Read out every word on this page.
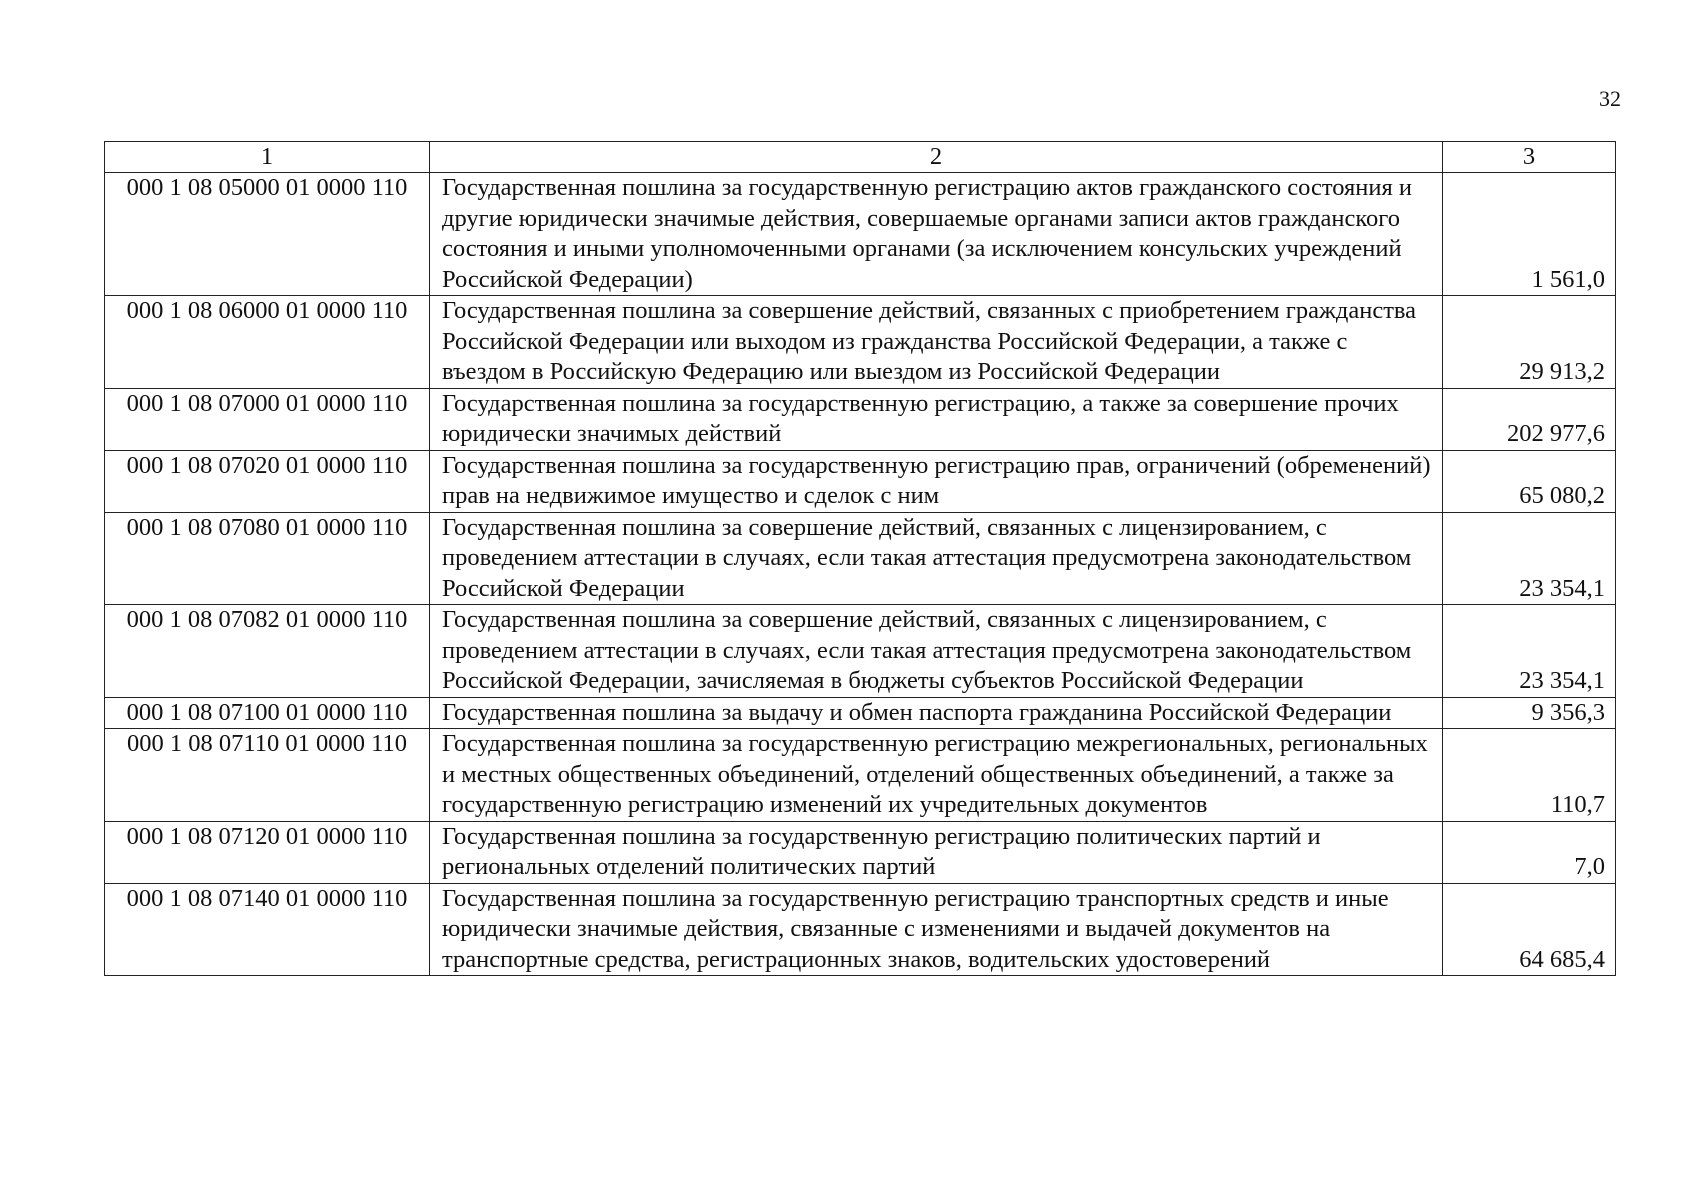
32
1	2	3
000 1 08 05000 01 0000 110	Государственная пошлина за государственную регистрацию актов гражданского состояния и другие юридически значимые действия, совершаемые органами записи актов гражданского состояния и иными уполномоченными органами (за исключением консульских учреждений Российской Федерации)	1 561,0
000 1 08 06000 01 0000 110	Государственная пошлина за совершение действий, связанных с приобретением гражданства Российской Федерации или выходом из гражданства Российской Федерации, а также с въездом в Российскую Федерацию или выездом из Российской Федерации	29 913,2
000 1 08 07000 01 0000 110	Государственная пошлина за государственную регистрацию, а также за совершение прочих юридически значимых действий	202 977,6
000 1 08 07020 01 0000 110	Государственная пошлина за государственную регистрацию прав, ограничений (обременений) прав на недвижимое имущество и сделок с ним	65 080,2
000 1 08 07080 01 0000 110	Государственная пошлина за совершение действий, связанных с лицензированием, с проведением аттестации в случаях, если такая аттестация предусмотрена законодательством Российской Федерации	23 354,1
000 1 08 07082 01 0000 110	Государственная пошлина за совершение действий, связанных с лицензированием, с проведением аттестации в случаях, если такая аттестация предусмотрена законодательством Российской Федерации, зачисляемая в бюджеты субъектов Российской Федерации	23 354,1
000 1 08 07100 01 0000 110	Государственная пошлина за выдачу и обмен паспорта гражданина Российской Федерации	9 356,3
000 1 08 07110 01 0000 110	Государственная пошлина за государственную регистрацию межрегиональных, региональных и местных общественных объединений, отделений общественных объединений, а также за государственную регистрацию изменений их учредительных документов	110,7
000 1 08 07120 01 0000 110	Государственная пошлина за государственную регистрацию политических партий и региональных отделений политических партий	7,0
000 1 08 07140 01 0000 110	Государственная пошлина за государственную регистрацию транспортных средств и иные юридически значимые действия, связанные с изменениями и выдачей документов на транспортные средства, регистрационных знаков, водительских удостоверений	64 685,4
